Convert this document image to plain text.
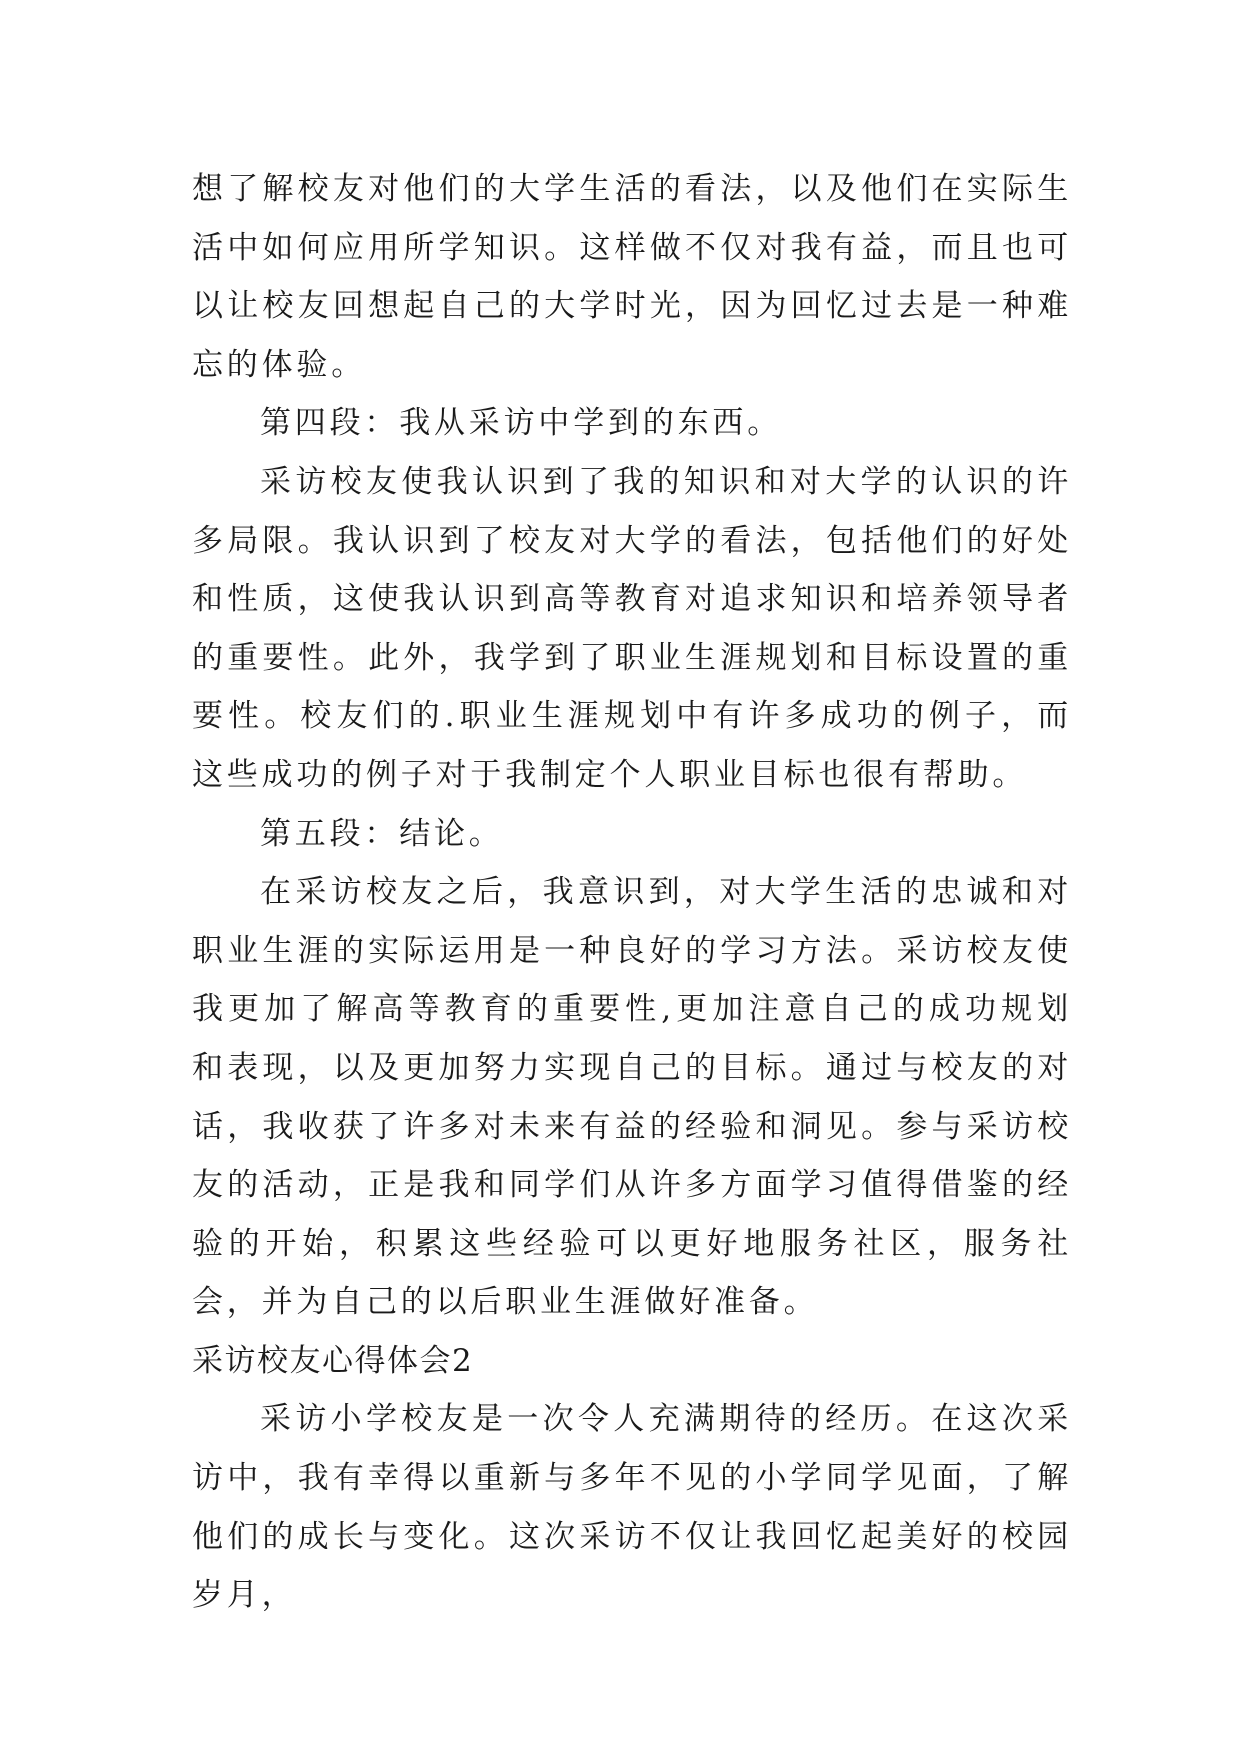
想了解校友对他们的大学生活的看法，以及他们在实际生活中如何应用所学知识。这样做不仅对我有益，而且也可以让校友回想起自己的大学时光，因为回忆过去是一种难忘的体验。

第四段：我从采访中学到的东西。

采访校友使我认识到了我的知识和对大学的认识的许多局限。我认识到了校友对大学的看法，包括他们的好处和性质，这使我认识到高等教育对追求知识和培养领导者的重要性。此外，我学到了职业生涯规划和目标设置的重要性。校友们的.职业生涯规划中有许多成功的例子，而这些成功的例子对于我制定个人职业目标也很有帮助。

第五段：结论。

在采访校友之后，我意识到，对大学生活的忠诚和对职业生涯的实际运用是一种良好的学习方法。采访校友使我更加了解高等教育的重要性,更加注意自己的成功规划和表现，以及更加努力实现自己的目标。通过与校友的对话，我收获了许多对未来有益的经验和洞见。参与采访校友的活动，正是我和同学们从许多方面学习值得借鉴的经验的开始，积累这些经验可以更好地服务社区，服务社会，并为自己的以后职业生涯做好准备。

采访校友心得体会2

采访小学校友是一次令人充满期待的经历。在这次采访中，我有幸得以重新与多年不见的小学同学见面，了解他们的成长与变化。这次采访不仅让我回忆起美好的校园岁月，
